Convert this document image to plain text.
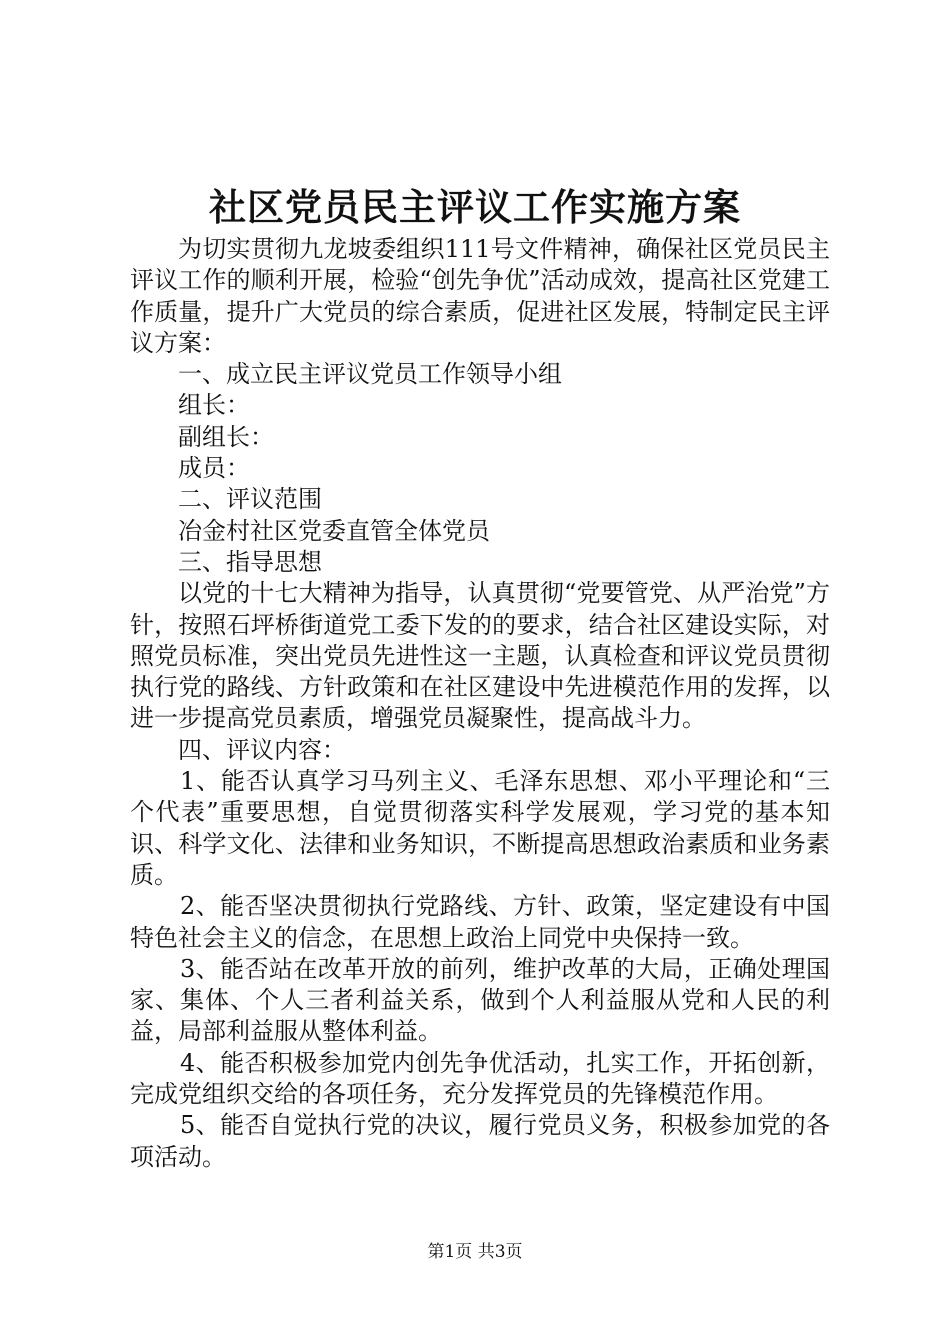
社区党员民主评议工作实施方案

为切实贯彻九龙坡委组织111号文件精神，确保社区党员民主评议工作的顺利开展，检验“创先争优”活动成效，提高社区党建工作质量，提升广大党员的综合素质，促进社区发展，特制定民主评议方案：

一、成立民主评议党员工作领导小组

组长：

副组长：

成员：

二、评议范围

冶金村社区党委直管全体党员

三、指导思想

以党的十七大精神为指导，认真贯彻“党要管党、从严治党”方针，按照石坪桥街道党工委下发的的要求，结合社区建设实际，对照党员标准，突出党员先进性这一主题，认真检查和评议党员贯彻执行党的路线、方针政策和在社区建设中先进模范作用的发挥，以进一步提高党员素质，增强党员凝聚性，提高战斗力。

四、评议内容：

1、能否认真学习马列主义、毛泽东思想、邓小平理论和“三个代表”重要思想，自觉贯彻落实科学发展观，学习党的基本知识、科学文化、法律和业务知识，不断提高思想政治素质和业务素质。

2、能否坚决贯彻执行党路线、方针、政策，坚定建设有中国特色社会主义的信念，在思想上政治上同党中央保持一致。

3、能否站在改革开放的前列，维护改革的大局，正确处理国家、集体、个人三者利益关系，做到个人利益服从党和人民的利益，局部利益服从整体利益。

4、能否积极参加党内创先争优活动，扎实工作，开拓创新，完成党组织交给的各项任务，充分发挥党员的先锋模范作用。

5、能否自觉执行党的决议，履行党员义务，积极参加党的各项活动。

第1页 共3页
